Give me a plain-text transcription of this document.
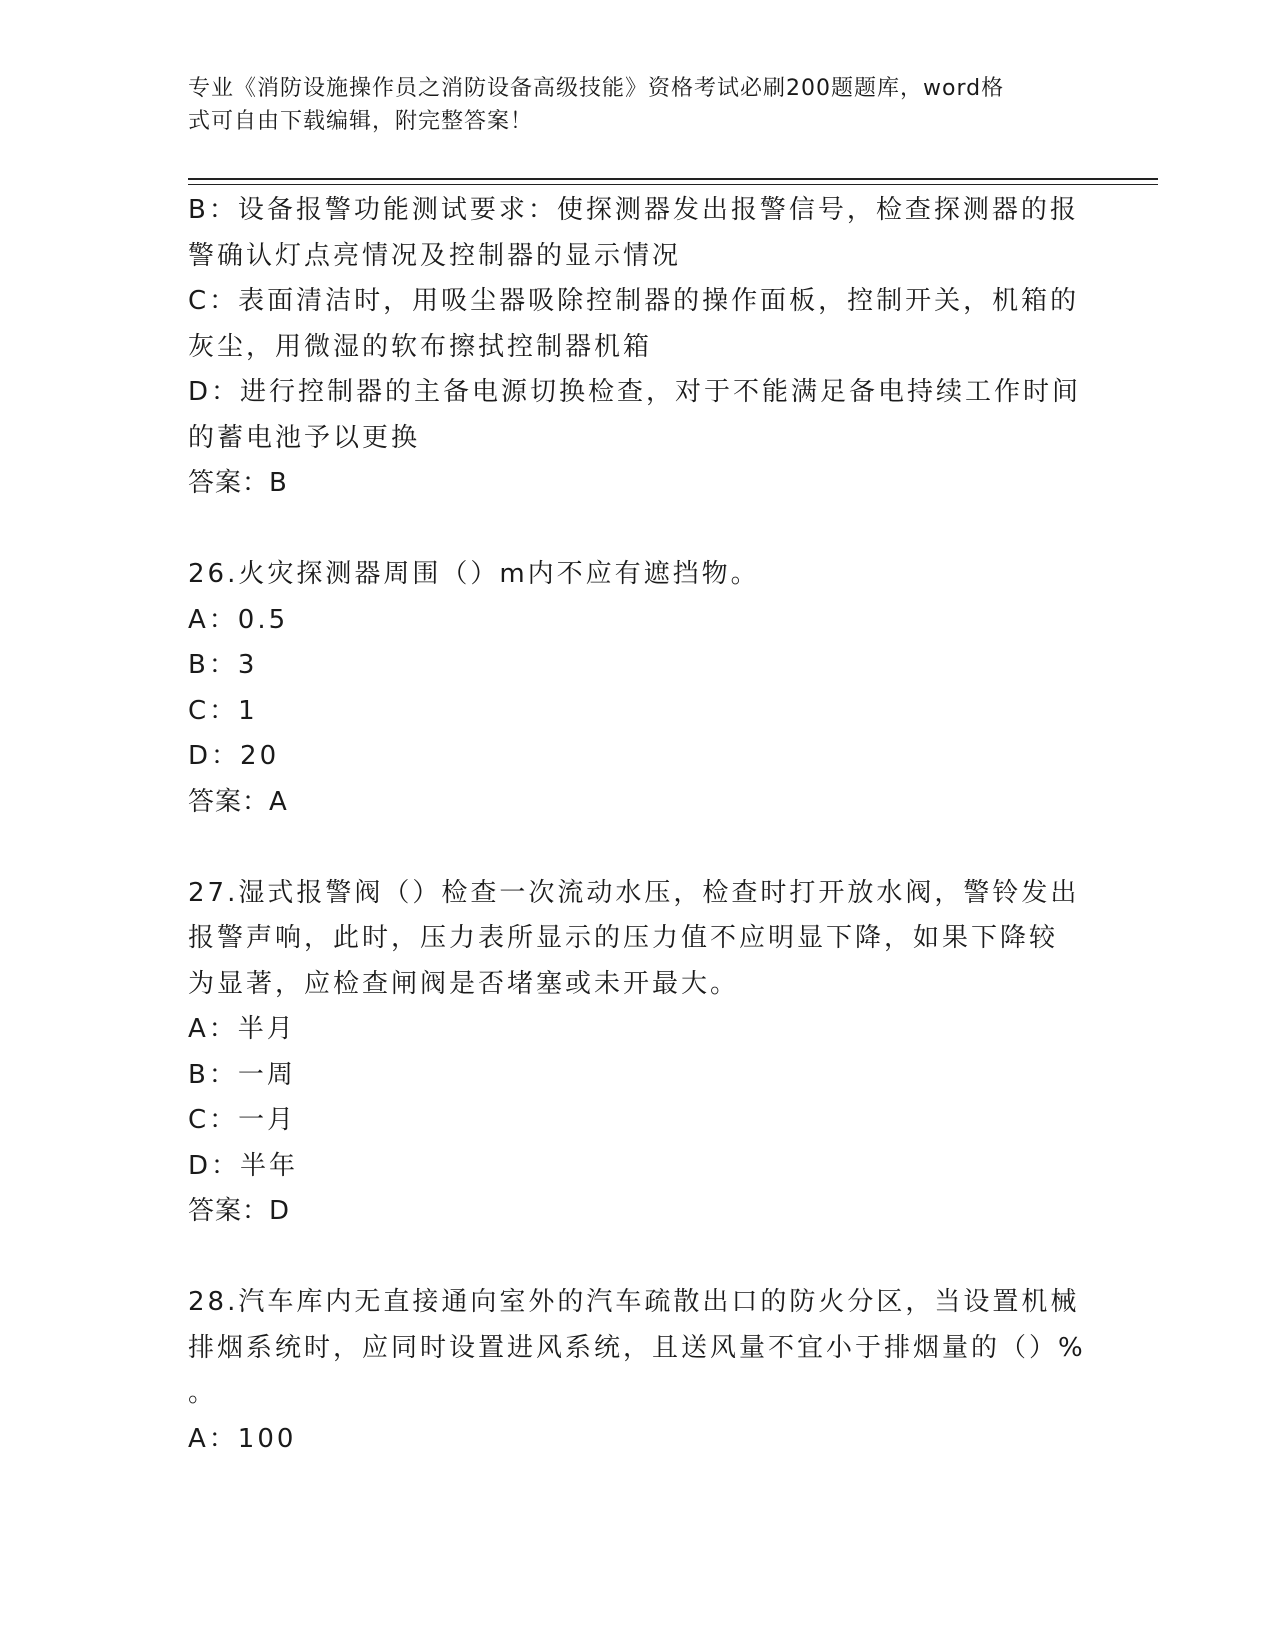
专业《消防设施操作员之消防设备高级技能》资格考试必刷200题题库，word格
式可自由下载编辑，附完整答案！
B：设备报警功能测试要求：使探测器发出报警信号，检查探测器的报
警确认灯点亮情况及控制器的显示情况
C：表面清洁时，用吸尘器吸除控制器的操作面板，控制开关，机箱的
灰尘，用微湿的软布擦拭控制器机箱
D：进行控制器的主备电源切换检查，对于不能满足备电持续工作时间
的蓄电池予以更换
答案：B
26.火灾探测器周围（）m内不应有遮挡物。
A：0.5
B：3
C：1
D：20
答案：A
27.湿式报警阀（）检查一次流动水压，检查时打开放水阀，警铃发出
报警声响，此时，压力表所显示的压力值不应明显下降，如果下降较
为显著，应检查闸阀是否堵塞或未开最大。
A：半月
B：一周
C：一月
D：半年
答案：D
28.汽车库内无直接通向室外的汽车疏散出口的防火分区，当设置机械
排烟系统时，应同时设置进风系统，且送风量不宜小于排烟量的（）%
。
A：100
